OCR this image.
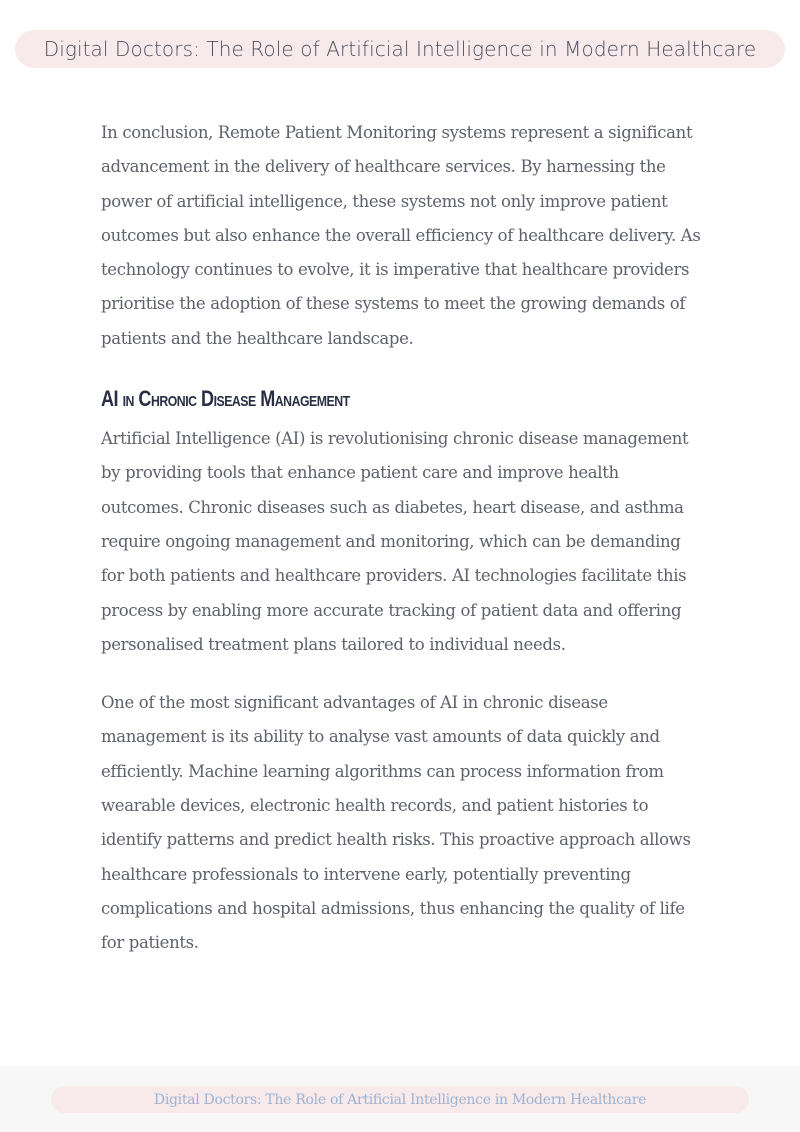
Digital Doctors: The Role of Artificial Intelligence in Modern Healthcare

In conclusion, Remote Patient Monitoring systems represent a significant advancement in the delivery of healthcare services. By harnessing the power of artificial intelligence, these systems not only improve patient outcomes but also enhance the overall efficiency of healthcare delivery. As technology continues to evolve, it is imperative that healthcare providers prioritise the adoption of these systems to meet the growing demands of patients and the healthcare landscape.

AI in Chronic Disease Management

Artificial Intelligence (AI) is revolutionising chronic disease management by providing tools that enhance patient care and improve health outcomes. Chronic diseases such as diabetes, heart disease, and asthma require ongoing management and monitoring, which can be demanding for both patients and healthcare providers. AI technologies facilitate this process by enabling more accurate tracking of patient data and offering personalised treatment plans tailored to individual needs.

One of the most significant advantages of AI in chronic disease management is its ability to analyse vast amounts of data quickly and efficiently. Machine learning algorithms can process information from wearable devices, electronic health records, and patient histories to identify patterns and predict health risks. This proactive approach allows healthcare professionals to intervene early, potentially preventing complications and hospital admissions, thus enhancing the quality of life for patients.

Digital Doctors: The Role of Artificial Intelligence in Modern Healthcare
